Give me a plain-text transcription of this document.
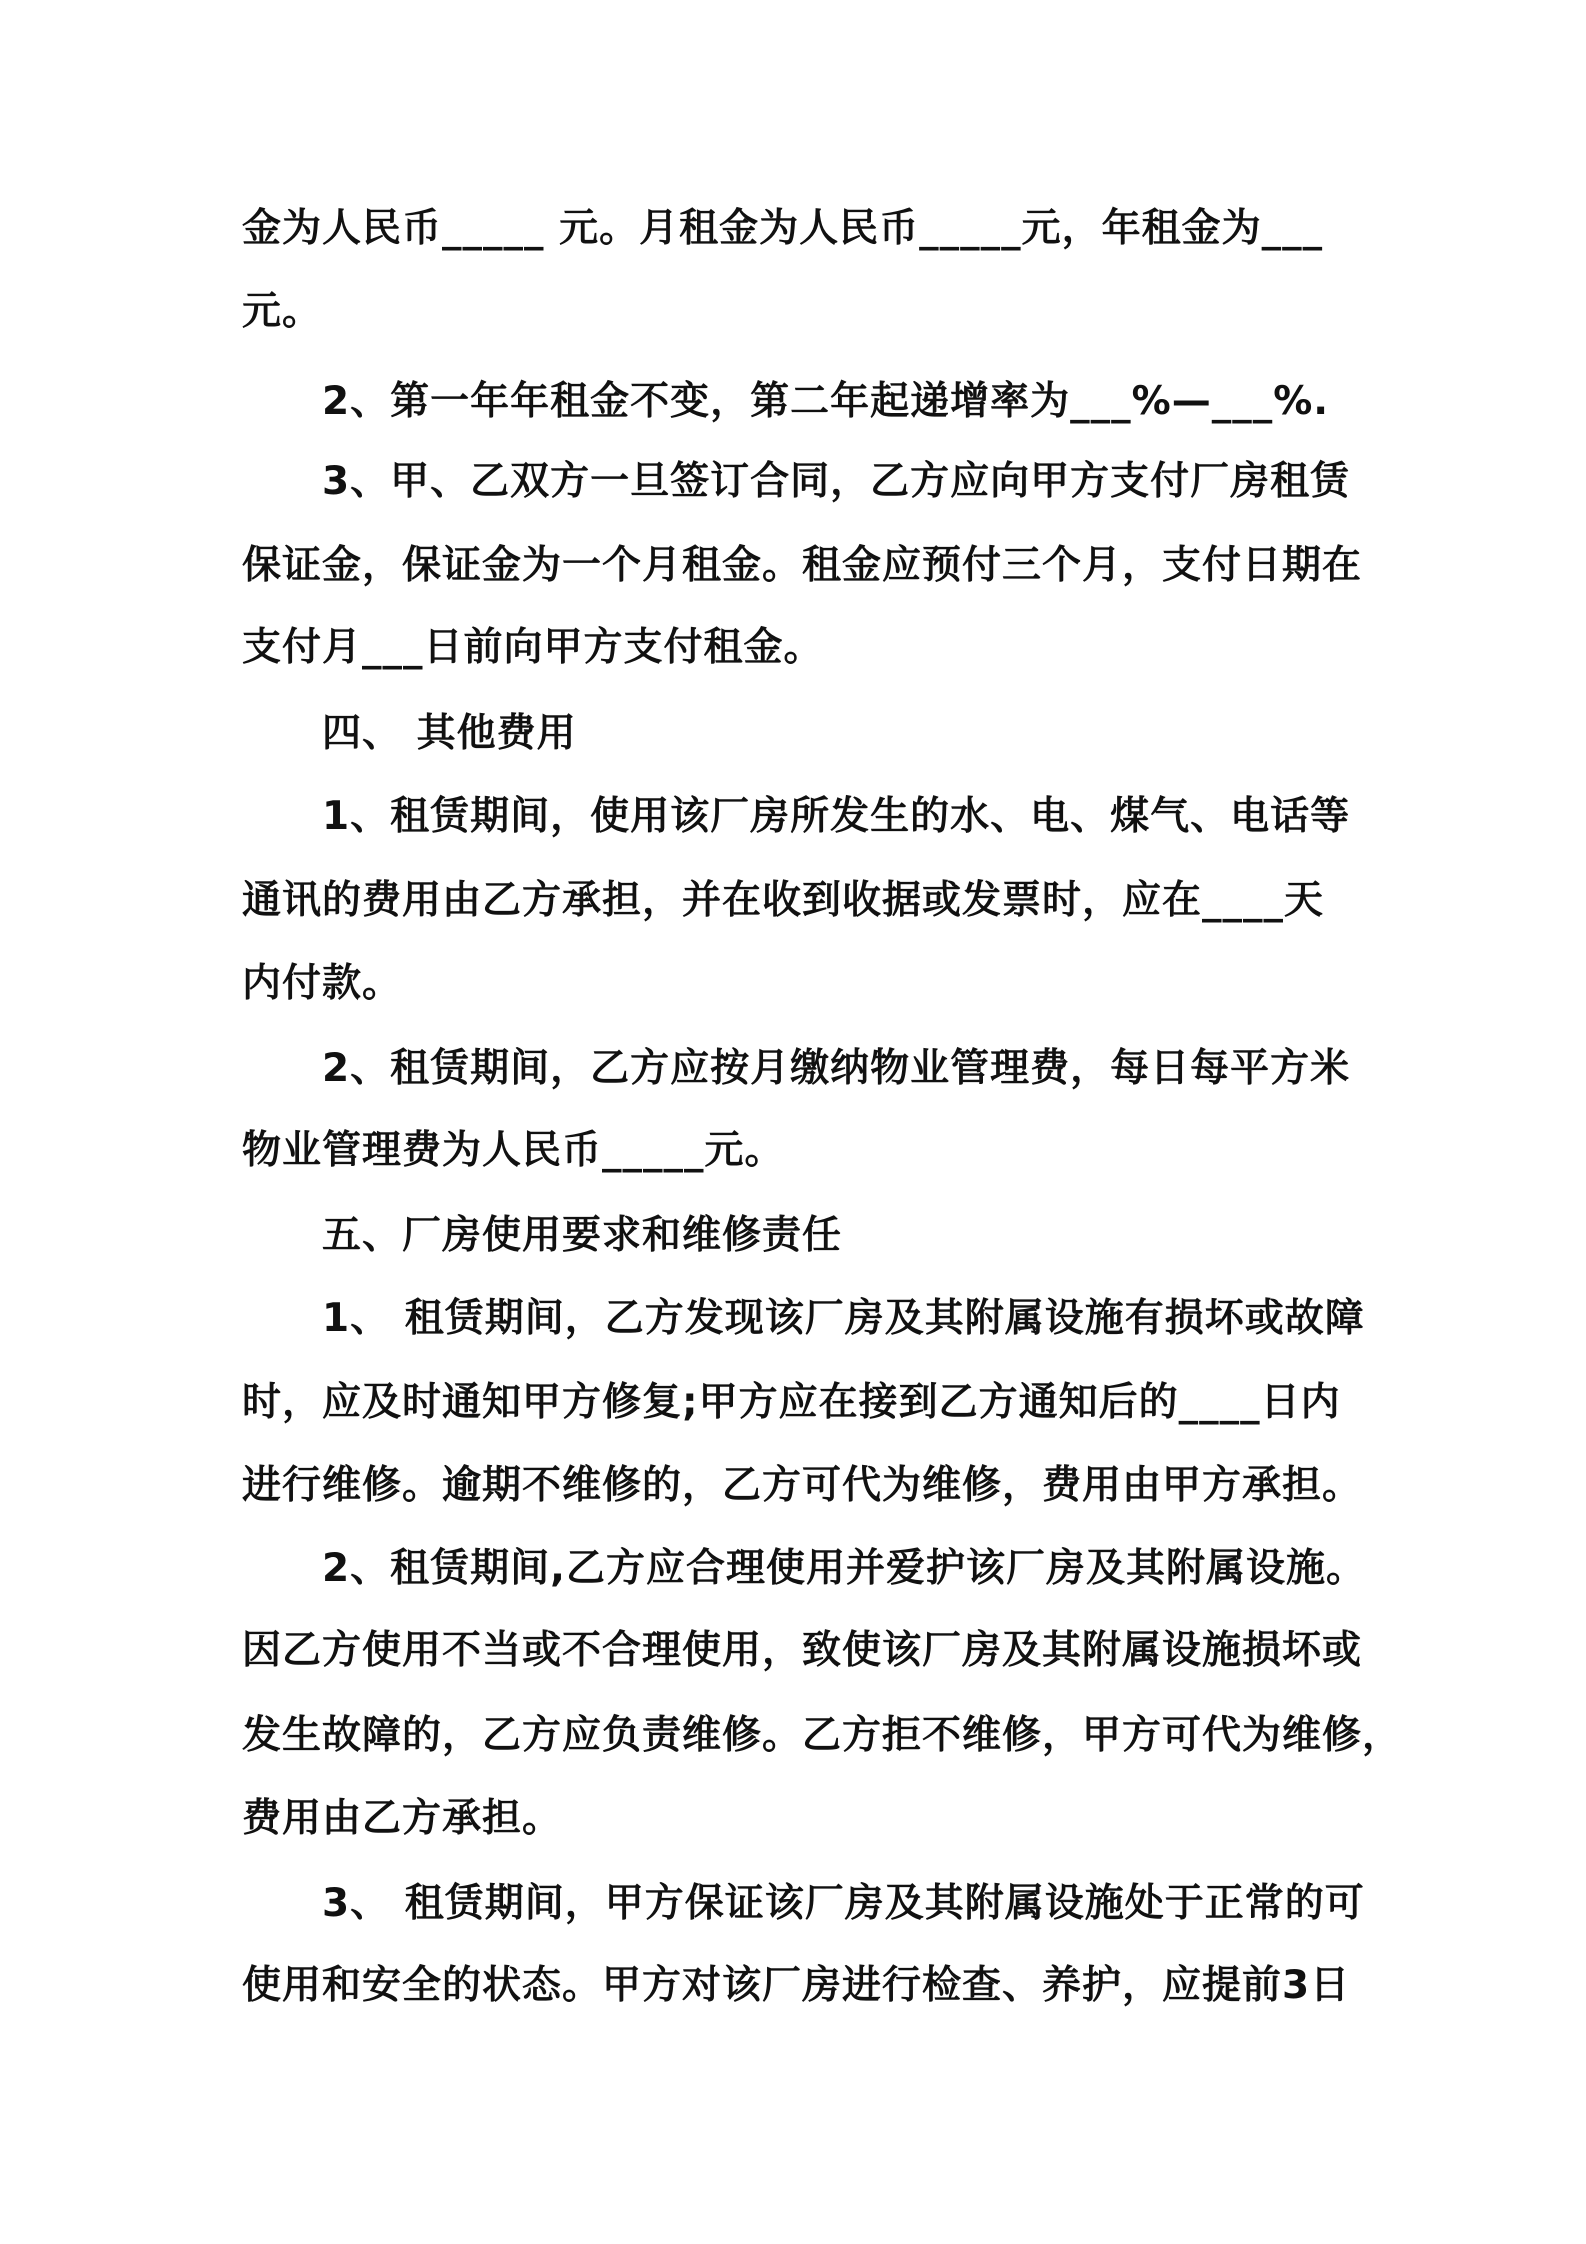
金为人民币_____ 元。月租金为人民币_____元，年租金为___
元。
2、第一年年租金不变，第二年起递增率为___%—___%.
3、甲、乙双方一旦签订合同，乙方应向甲方支付厂房租赁
保证金，保证金为一个月租金。租金应预付三个月，支付日期在
支付月___日前向甲方支付租金。
四、 其他费用
1、租赁期间，使用该厂房所发生的水、电、煤气、电话等
通讯的费用由乙方承担，并在收到收据或发票时，应在____天
内付款。
2、租赁期间，乙方应按月缴纳物业管理费，每日每平方米
物业管理费为人民币_____元。
五、厂房使用要求和维修责任
1、 租赁期间，乙方发现该厂房及其附属设施有损坏或故障
时，应及时通知甲方修复;甲方应在接到乙方通知后的____日内
进行维修。逾期不维修的，乙方可代为维修，费用由甲方承担。
2、租赁期间,乙方应合理使用并爱护该厂房及其附属设施。
因乙方使用不当或不合理使用，致使该厂房及其附属设施损坏或
发生故障的，乙方应负责维修。乙方拒不维修，甲方可代为维修，
费用由乙方承担。
3、 租赁期间，甲方保证该厂房及其附属设施处于正常的可
使用和安全的状态。甲方对该厂房进行检查、养护，应提前3日
